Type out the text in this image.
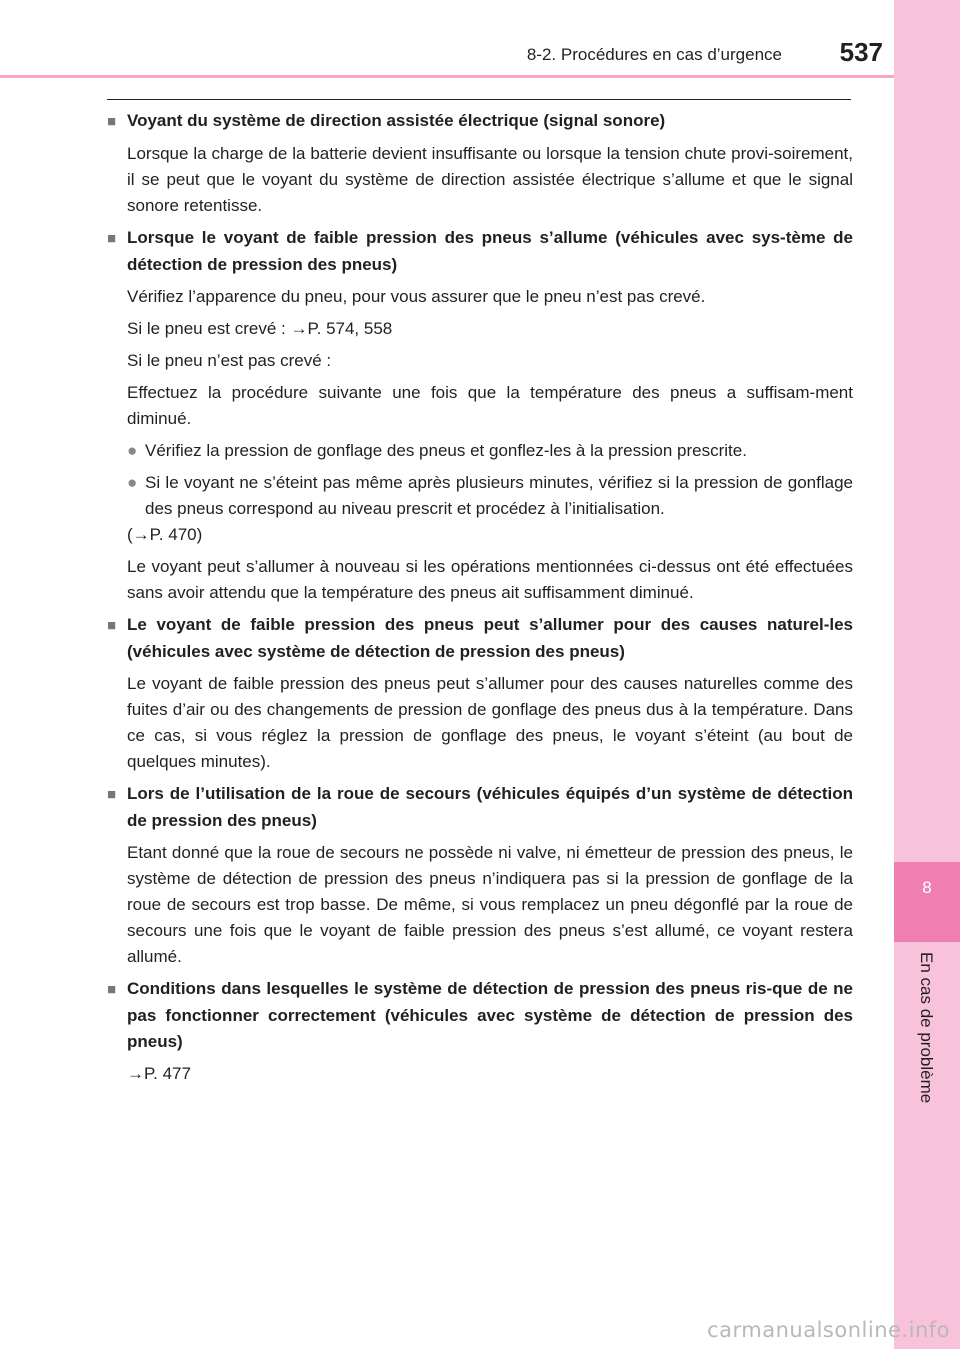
8-2. Procédures en cas d’urgence 537
8
En cas de problème
■ Voyant du système de direction assistée électrique (signal sonore)
Lorsque la charge de la batterie devient insuffisante ou lorsque la tension chute provi-soirement, il se peut que le voyant du système de direction assistée électrique s’allume et que le signal sonore retentisse.
■ Lorsque le voyant de faible pression des pneus s’allume (véhicules avec sys-tème de détection de pression des pneus)
Vérifiez l’apparence du pneu, pour vous assurer que le pneu n’est pas crevé.
Si le pneu est crevé : →P. 574, 558
Si le pneu n’est pas crevé :
Effectuez la procédure suivante une fois que la température des pneus a suffisam-ment diminué.
● Vérifiez la pression de gonflage des pneus et gonflez-les à la pression prescrite.
● Si le voyant ne s’éteint pas même après plusieurs minutes, vérifiez si la pression de gonflage des pneus correspond au niveau prescrit et procédez à l’initialisation.
(→P. 470)
Le voyant peut s’allumer à nouveau si les opérations mentionnées ci-dessus ont été effectuées sans avoir attendu que la température des pneus ait suffisamment diminué.
■ Le voyant de faible pression des pneus peut s’allumer pour des causes naturel-les (véhicules avec système de détection de pression des pneus)
Le voyant de faible pression des pneus peut s’allumer pour des causes naturelles comme des fuites d’air ou des changements de pression de gonflage des pneus dus à la température. Dans ce cas, si vous réglez la pression de gonflage des pneus, le voyant s’éteint (au bout de quelques minutes).
■ Lors de l’utilisation de la roue de secours (véhicules équipés d’un système de détection de pression des pneus)
Etant donné que la roue de secours ne possède ni valve, ni émetteur de pression des pneus, le système de détection de pression des pneus n’indiquera pas si la pression de gonflage de la roue de secours est trop basse. De même, si vous remplacez un pneu dégonflé par la roue de secours une fois que le voyant de faible pression des pneus s’est allumé, ce voyant restera allumé.
■ Conditions dans lesquelles le système de détection de pression des pneus ris-que de ne pas fonctionner correctement (véhicules avec système de détection de pression des pneus)
→P. 477
carmanualsonline.info
